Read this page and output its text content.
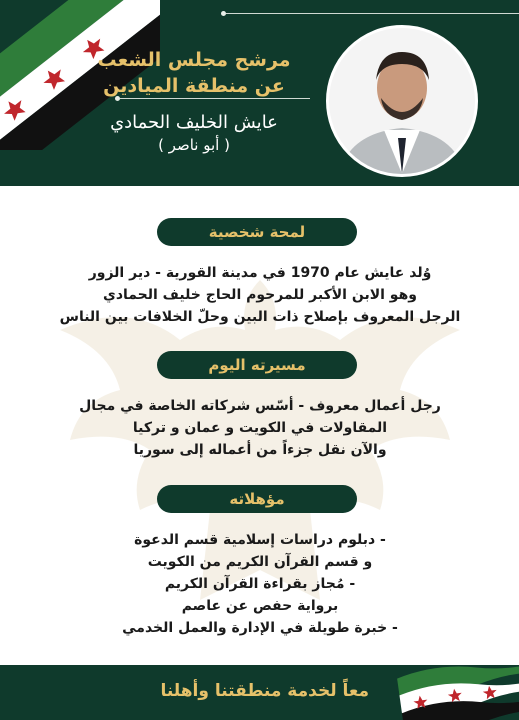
مرشح مجلس الشعب
عن منطقة الميادين
عايش الخليف الحمادي
( أبو ناصر )
لمحة شخصية
وُلد عايش عام 1970 في مدينة القورية - دير الزور
وهو الابن الأكبر للمرحوم الحاج خليف الحمادي
الرجل المعروف بإصلاح ذات البين وحلّ الخلافات بين الناس
مسيرته اليوم
رجل أعمال معروف - أسّس شركاته الخاصة في مجال
المقاولات في الكويت و عمان و تركيا
والآن نقل جزءاً من أعماله إلى سوريا
مؤهلاته
- دبلوم دراسات إسلامية قسم الدعوة
و قسم القرآن الكريم من الكويت
- مُجاز بقراءة القرآن الكريم
برواية حفص عن عاصم
- خبرة طويلة في الإدارة والعمل الخدمي
معاً لخدمة منطقتنا وأهلنا
